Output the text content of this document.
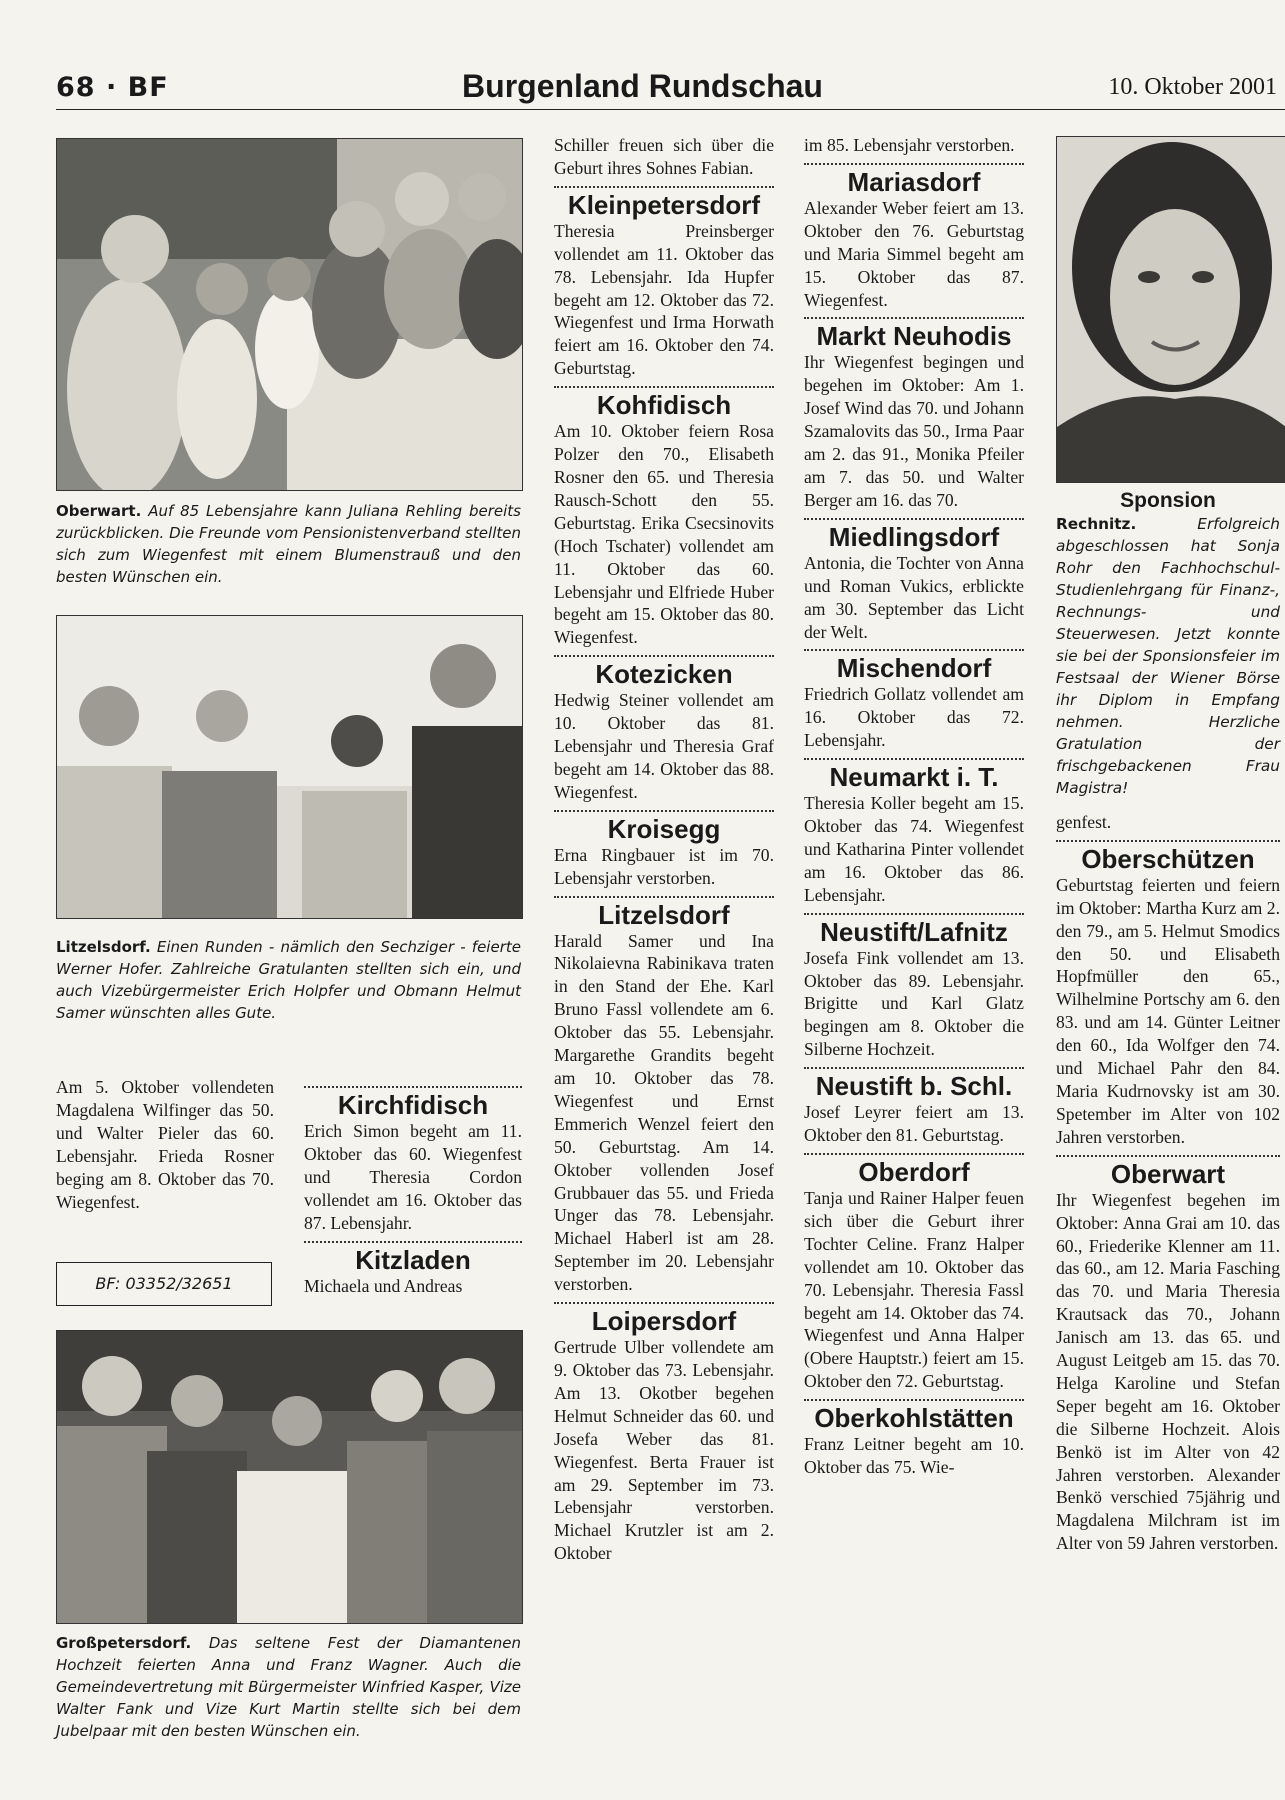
68 · BF	Burgenland Rundschau	10. Oktober 2001
Oberwart. Auf 85 Lebensjahre kann Juliana Rehling bereits zurückblicken. Die Freunde vom Pensionistenverband stellten sich zum Wiegenfest mit einem Blumenstrauß und den besten Wünschen ein.
Litzelsdorf. Einen Runden - nämlich den Sechziger - feierte Werner Hofer. Zahlreiche Gratulanten stellten sich ein, und auch Vizebürgermeister Erich Holpfer und Obmann Helmut Samer wünschten alles Gute.

Am 5. Oktober vollendeten Magdalena Wilfinger das 50. und Walter Pieler das 60. Lebensjahr. Frieda Rosner beging am 8. Oktober das 70. Wiegenfest.

BF: 03352/32651
Kirchfidisch

Erich Simon begeht am 11. Oktober das 60. Wiegenfest und Theresia Cordon vollendet am 16. Oktober das 87. Lebensjahr.

Kitzladen

Michaela und Andreas

Großpetersdorf. Das seltene Fest der Diamantenen Hochzeit feierten Anna und Franz Wagner. Auch die Gemeindevertretung mit Bürgermeister Winfried Kasper, Vize Walter Fank und Vize Kurt Martin stellte sich bei dem Jubelpaar mit den besten Wünschen ein.

Schiller freuen sich über die Geburt ihres Sohnes Fabian.

Kleinpetersdorf

Theresia Preinsberger vollendet am 11. Oktober das 78. Lebensjahr. Ida Hupfer begeht am 12. Oktober das 72. Wiegenfest und Irma Horwath feiert am 16. Oktober den 74. Geburtstag.

Kohfidisch

Am 10. Oktober feiern Rosa Polzer den 70., Elisabeth Rosner den 65. und Theresia Rausch-Schott den 55. Geburtstag. Erika Csecsinovits (Hoch Tschater) vollendet am 11. Oktober das 60. Lebensjahr und Elfriede Huber begeht am 15. Oktober das 80. Wiegenfest.

Kotezicken

Hedwig Steiner vollendet am 10. Oktober das 81. Lebensjahr und Theresia Graf begeht am 14. Oktober das 88. Wiegenfest.

Kroisegg

Erna Ringbauer ist im 70. Lebensjahr verstorben.

Litzelsdorf

Harald Samer und Ina Nikolaievna Rabinikava traten in den Stand der Ehe. Karl Bruno Fassl vollendete am 6. Oktober das 55. Lebensjahr. Margarethe Grandits begeht am 10. Oktober das 78. Wiegenfest und Ernst Emmerich Wenzel feiert den 50. Geburtstag. Am 14. Oktober vollenden Josef Grubbauer das 55. und Frieda Unger das 78. Lebensjahr. Michael Haberl ist am 28. September im 20. Lebensjahr verstorben.

Loipersdorf

Gertrude Ulber vollendete am 9. Oktober das 73. Lebensjahr. Am 13. Okotber begehen Helmut Schneider das 60. und Josefa Weber das 81. Wiegenfest. Berta Frauer ist am 29. September im 73. Lebensjahr verstorben. Michael Krutzler ist am 2. Oktober

im 85. Lebensjahr verstorben.

Mariasdorf

Alexander Weber feiert am 13. Oktober den 76. Geburtstag und Maria Simmel begeht am 15. Oktober das 87. Wiegenfest.

Markt Neuhodis

Ihr Wiegenfest begingen und begehen im Oktober: Am 1. Josef Wind das 70. und Johann Szamalovits das 50., Irma Paar am 2. das 91., Monika Pfeiler am 7. das 50. und Walter Berger am 16. das 70.

Miedlingsdorf

Antonia, die Tochter von Anna und Roman Vukics, erblickte am 30. September das Licht der Welt.

Mischendorf

Friedrich Gollatz vollendet am 16. Oktober das 72. Lebensjahr.

Neumarkt i. T.

Theresia Koller begeht am 15. Oktober das 74. Wiegenfest und Katharina Pinter vollendet am 16. Oktober das 86. Lebensjahr.

Neustift/Lafnitz

Josefa Fink vollendet am 13. Oktober das 89. Lebensjahr. Brigitte und Karl Glatz begingen am 8. Oktober die Silberne Hochzeit.

Neustift b. Schl.

Josef Leyrer feiert am 13. Oktober den 81. Geburtstag.

Oberdorf

Tanja und Rainer Halper feuen sich über die Geburt ihrer Tochter Celine. Franz Halper vollendet am 10. Oktober das 70. Lebensjahr. Theresia Fassl begeht am 14. Oktober das 74. Wiegenfest und Anna Halper (Obere Hauptstr.) feiert am 15. Oktober den 72. Geburtstag.

Oberkohlstätten

Franz Leitner begeht am 10. Oktober das 75. Wie-

Sponsion
Rechnitz.	Erfolgreich abgeschlossen hat Sonja Rohr den Fachhochschul-Studienlehrgang für Finanz-, Rechnungs- und Steuerwesen. Jetzt konnte sie bei der Sponsionsfeier im Festsaal der Wiener Börse ihr Diplom in Empfang nehmen. Herzliche Gratulation der frischgebackenen Frau Magistra!

genfest.

Oberschützen

Geburtstag feierten und feiern im Oktober: Martha Kurz am 2. den 79., am 5. Helmut Smodics den 50. und Elisabeth Hopfmüller den 65., Wilhelmine Portschy am 6. den 83. und am 14. Günter Leitner den 60., Ida Wolfger den 74. und Michael Pahr den 84. Maria Kudrnovsky ist am 30. Spetember im Alter von 102 Jahren verstorben.

Oberwart

Ihr Wiegenfest begehen im Oktober: Anna Grai am 10. das 60., Friederike Klenner am 11. das 60., am 12. Maria Fasching das 70. und Maria Theresia Krautsack das 70., Johann Janisch am 13. das 65. und August Leitgeb am 15. das 70. Helga Karoline und Stefan Seper begeht am 16. Oktober die Silberne Hochzeit. Alois Benkö ist im Alter von 42 Jahren verstorben. Alexander Benkö verschied 75jährig und Magdalena Milchram ist im Alter von 59 Jahren verstorben.
